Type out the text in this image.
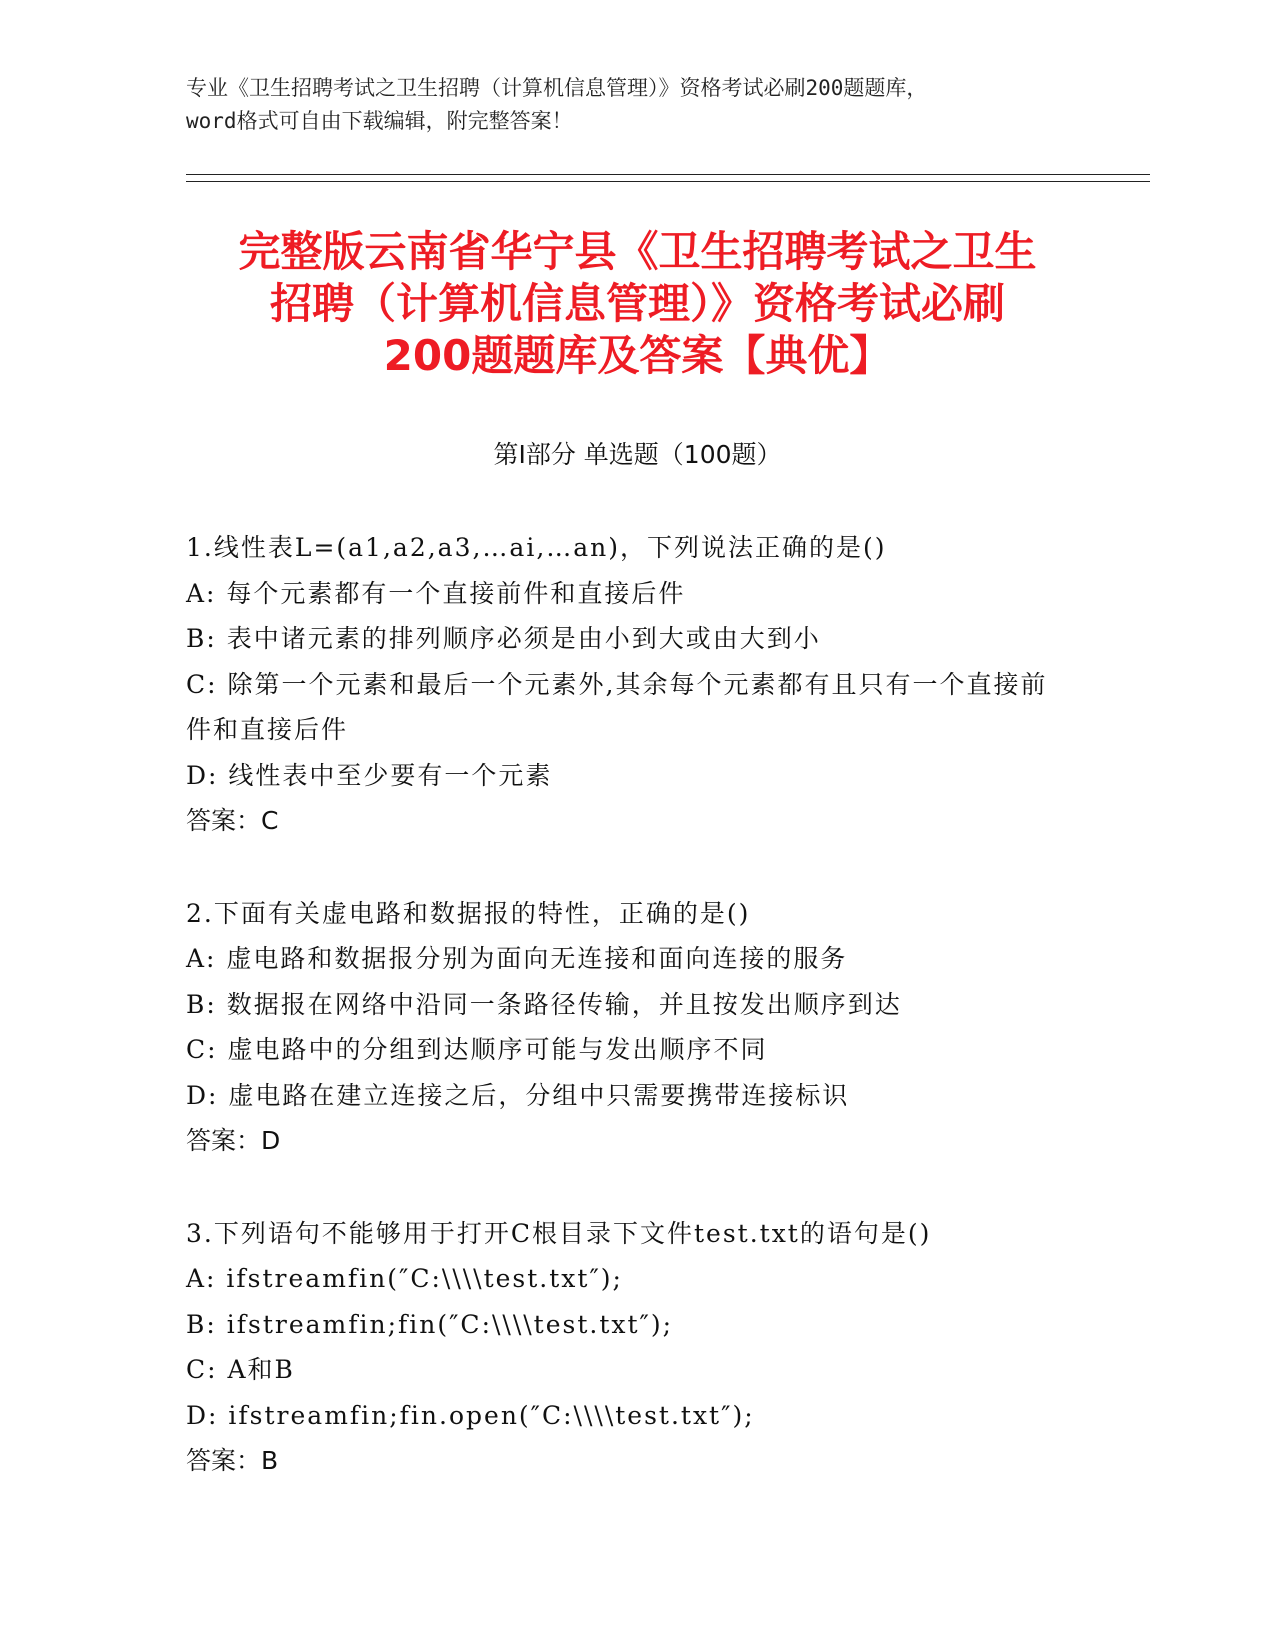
专业《卫生招聘考试之卫生招聘（计算机信息管理）》资格考试必刷200题题库，
word格式可自由下载编辑，附完整答案！
完整版云南省华宁县《卫生招聘考试之卫生
招聘（计算机信息管理）》资格考试必刷
200题题库及答案【典优】
第Ⅰ部分 单选题（100题）
1.线性表L=(a1,a2,a3,…ai,…an)，下列说法正确的是()
A: 每个元素都有一个直接前件和直接后件
B: 表中诸元素的排列顺序必须是由小到大或由大到小
C: 除第一个元素和最后一个元素外,其余每个元素都有且只有一个直接前件和直接后件
D: 线性表中至少要有一个元素
答案：C
2.下面有关虚电路和数据报的特性，正确的是()
A: 虚电路和数据报分别为面向无连接和面向连接的服务
B: 数据报在网络中沿同一条路径传输，并且按发出顺序到达
C: 虚电路中的分组到达顺序可能与发出顺序不同
D: 虚电路在建立连接之后，分组中只需要携带连接标识
答案：D
3.下列语句不能够用于打开C根目录下文件test.txt的语句是()
A: ifstreamfin(″C:\\\\test.txt″);
B: ifstreamfin;fin(″C:\\\\test.txt″);
C: A和B
D: ifstreamfin;fin.open(″C:\\\\test.txt″);
答案：B
